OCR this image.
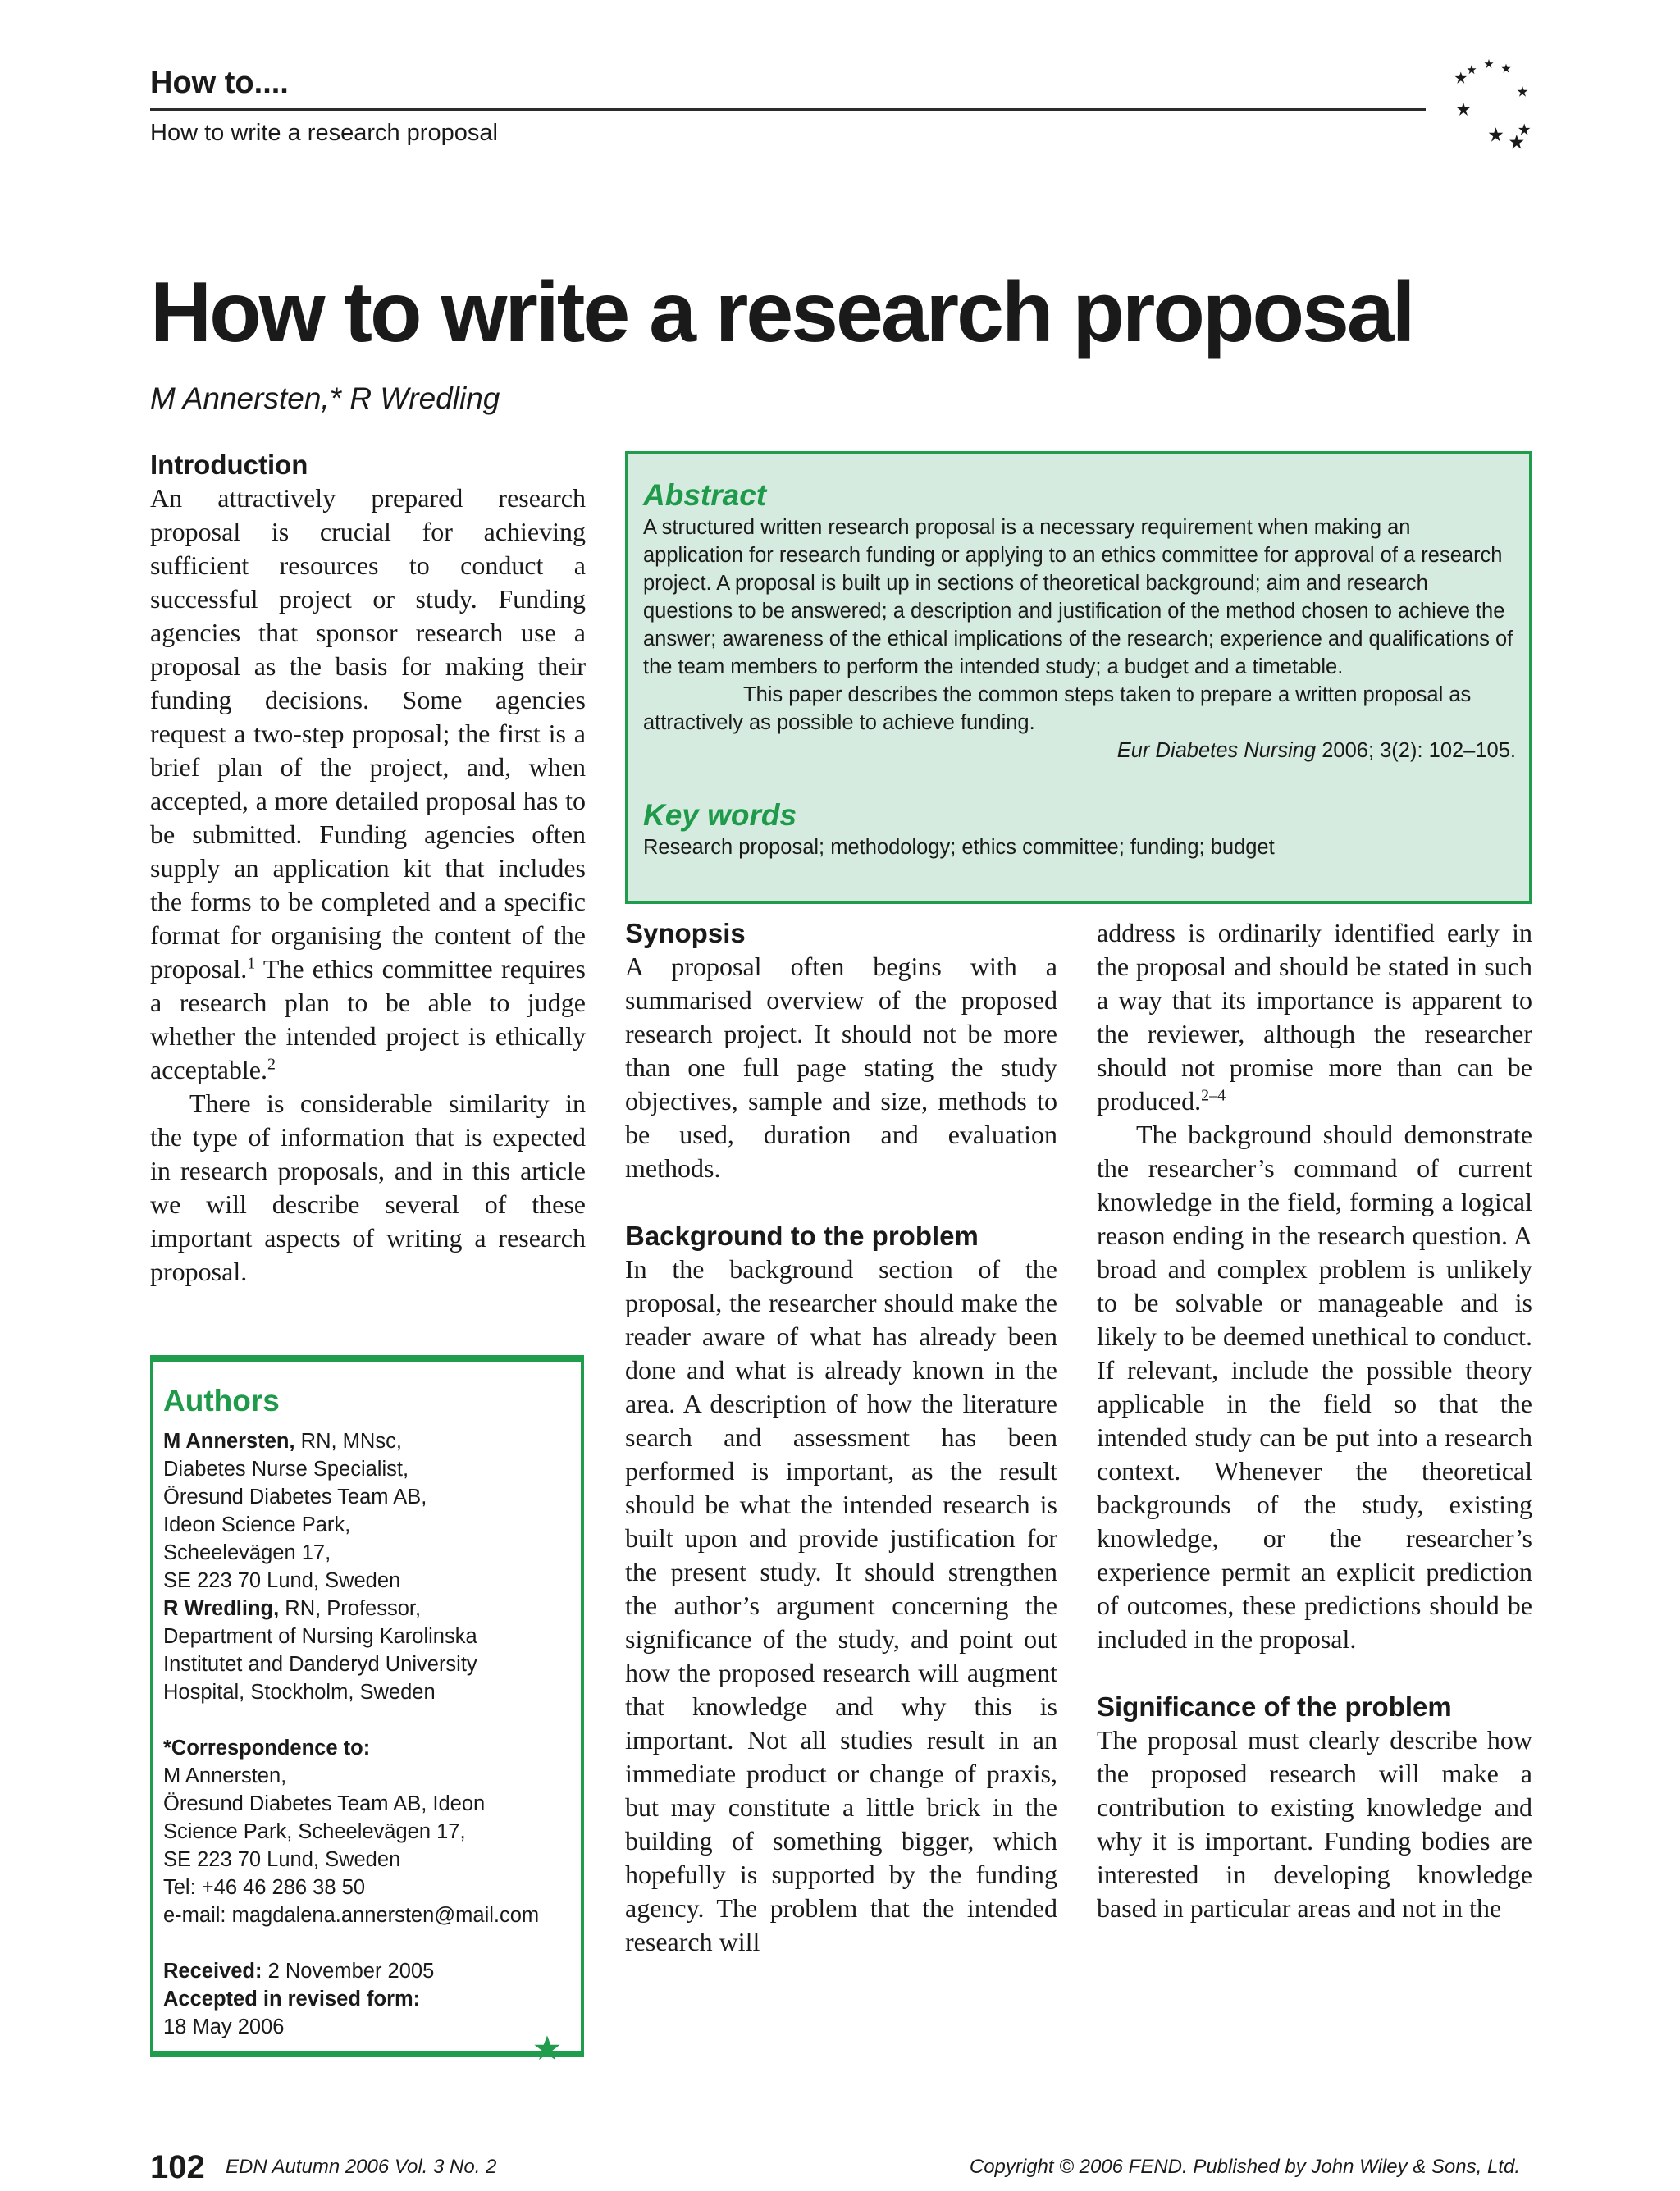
How to....
How to write a research proposal
How to write a research proposal
M Annersten,* R Wredling
Introduction

An attractively prepared research proposal is crucial for achieving sufficient resources to conduct a successful project or study. Funding agencies that sponsor research use a proposal as the basis for making their funding decisions. Some agencies request a two-step proposal; the first is a brief plan of the project, and, when accepted, a more detailed proposal has to be submitted. Funding agencies often supply an application kit that includes the forms to be completed and a specific format for organising the content of the proposal.$^1$ The ethics committee requires a research plan to be able to judge whether the intended project is ethically acceptable.$^2$

There is considerable similarity in the type of information that is expected in research proposals, and in this article we will describe several of these important aspects of writing a research proposal.

Abstract

A structured written research proposal is a necessary requirement when making an application for research funding or applying to an ethics committee for approval of a research project. A proposal is built up in sections of theoretical background; aim and research questions to be answered; a description and justification of the method chosen to achieve the answer; awareness of the ethical implications of the research; experience and qualifications of the team members to perform the intended study; a budget and a timetable.

This paper describes the common steps taken to prepare a written proposal as attractively as possible to achieve funding.

Eur Diabetes Nursing 2006; 3(2): 102–105.
Key words

Research proposal; methodology; ethics committee; funding; budget

Authors
M Annersten, RN, MNsc,
Diabetes Nurse Specialist,
Öresund Diabetes Team AB,
Ideon Science Park,
Scheelevägen 17,
SE 223 70 Lund, Sweden
R Wredling, RN, Professor,
Department of Nursing Karolinska
Institutet and Danderyd University
Hospital, Stockholm, Sweden
*Correspondence to:
M Annersten,
Öresund Diabetes Team AB, Ideon
Science Park, Scheelevägen 17,
SE 223 70 Lund, Sweden
Tel: +46 46 286 38 50
e-mail: magdalena.annersten@mail.com
Received: 2 November 2005
Accepted in revised form:
18 May 2006
Synopsis

A proposal often begins with a summarised overview of the proposed research project. It should not be more than one full page stating the study objectives, sample and size, methods to be used, duration and evaluation methods.

Background to the problem

In the background section of the proposal, the researcher should make the reader aware of what has already been done and what is already known in the area. A description of how the literature search and assessment has been performed is important, as the result should be what the intended research is built upon and provide justification for the present study. It should strengthen the author’s argument concerning the significance of the study, and point out how the proposed research will augment that knowledge and why this is important. Not all studies result in an immediate product or change of praxis, but may constitute a little brick in the building of something bigger, which hopefully is supported by the funding agency. The problem that the intended research will

address is ordinarily identified early in the proposal and should be stated in such a way that its importance is apparent to the reviewer, although the researcher should not promise more than can be produced.$^{2-4}$

The background should demonstrate the researcher’s command of current knowledge in the field, forming a logical reason ending in the research question. A broad and complex problem is unlikely to be solvable or manageable and is likely to be deemed unethical to conduct. If relevant, include the possible theory applicable in the field so that the intended study can be put into a research context. Whenever the theoretical backgrounds of the study, existing knowledge, or the researcher’s experience permit an explicit prediction of outcomes, these predictions should be included in the proposal.

Significance of the problem

The proposal must clearly describe how the proposed research will make a contribution to existing knowledge and why it is important. Funding bodies are interested in developing knowledge based in particular areas and not in the

102 EDN Autumn 2006 Vol. 3 No. 2	Copyright © 2006 FEND. Published by John Wiley & Sons, Ltd.
